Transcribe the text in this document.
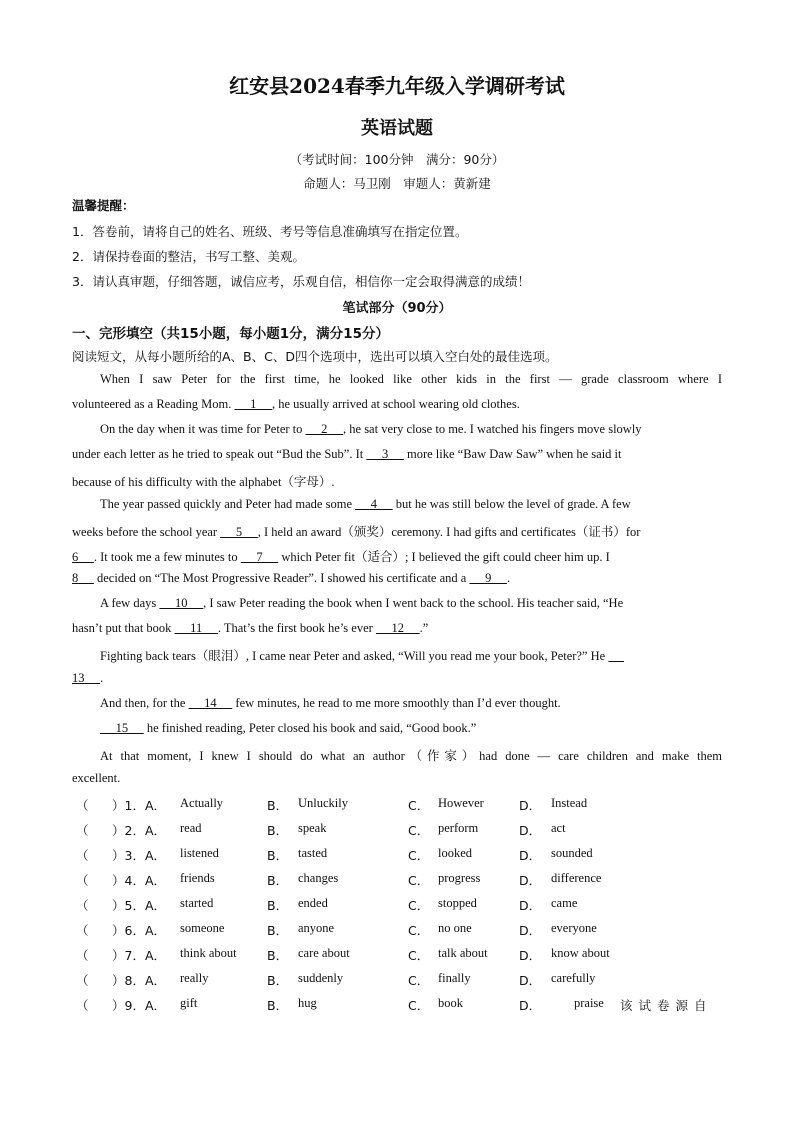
红安县2024春季九年级入学调研考试
英语试题
（考试时间：100分钟　满分：90分）
命题人：马卫刚　审题人：黄新建
温馨提醒：
1．答卷前，请将自己的姓名、班级、考号等信息准确填写在指定位置。
2．请保持卷面的整洁，书写工整、美观。
3．请认真审题，仔细答题，诚信应考，乐观自信，相信你一定会取得满意的成绩！
笔试部分（90分）
一、完形填空（共15小题，每小题1分，满分15分）
阅读短文，从每小题所给的A、B、C、D四个选项中，选出可以填入空白处的最佳选项。
When I saw Peter for the first time, he looked like other kids in the first — grade classroom where I
volunteered as a Reading Mom.      1     , he usually arrived at school wearing old clothes.
On the day when it was time for Peter to      2     , he sat very close to me. I watched his fingers move slowly
under each letter as he tried to speak out “Bud the Sub”. It      3      more like “Baw Daw Saw” when he said it
because of his difficulty with the alphabet（字母）.
The year passed quickly and Peter had made some      4      but he was still below the level of grade. A few
weeks before the school year      5     , I held an award（颁奖）ceremony. I had gifts and certificates（证书）for
6     . It took me a few minutes to      7      which Peter fit（适合）; I believed the gift could cheer him up. I
8      decided on “The Most Progressive Reader”. I showed his certificate and a      9     .
A few days      10     , I saw Peter reading the book when I went back to the school. His teacher said, “He
hasn’t put that book      11     . That’s the first book he’s ever      12     .”
Fighting back tears（眼泪）, I came near Peter and asked, “Will you read me your book, Peter?” He
13     .
And then, for the      14      few minutes, he read to me more smoothly than I’d ever thought.
15      he finished reading, Peter closed his book and said, “Good book.”
At that moment, I knew I should do what an author（作家）had done — care children and make them
excellent.
（ ）1．A． Actually	B． Unluckily	C． However	D． Instead
（ ）2．A． read	B． speak	C． perform	D． act
（ ）3．A． listened	B． tasted	C． looked	D． sounded
（ ）4．A． friends	B． changes	C． progress	D． difference
（ ）5．A． started	B． ended	C． stopped	D． came
（ ）6．A． someone	B． anyone	C． no one	D． everyone
（ ）7．A． think about B． care about	C． talk about	D． know about
（ ）8．A． really	B． suddenly	C． finally	D． carefully
（ ）9．A． gift	B． hug	C． book	D．	praise 该试卷源自
